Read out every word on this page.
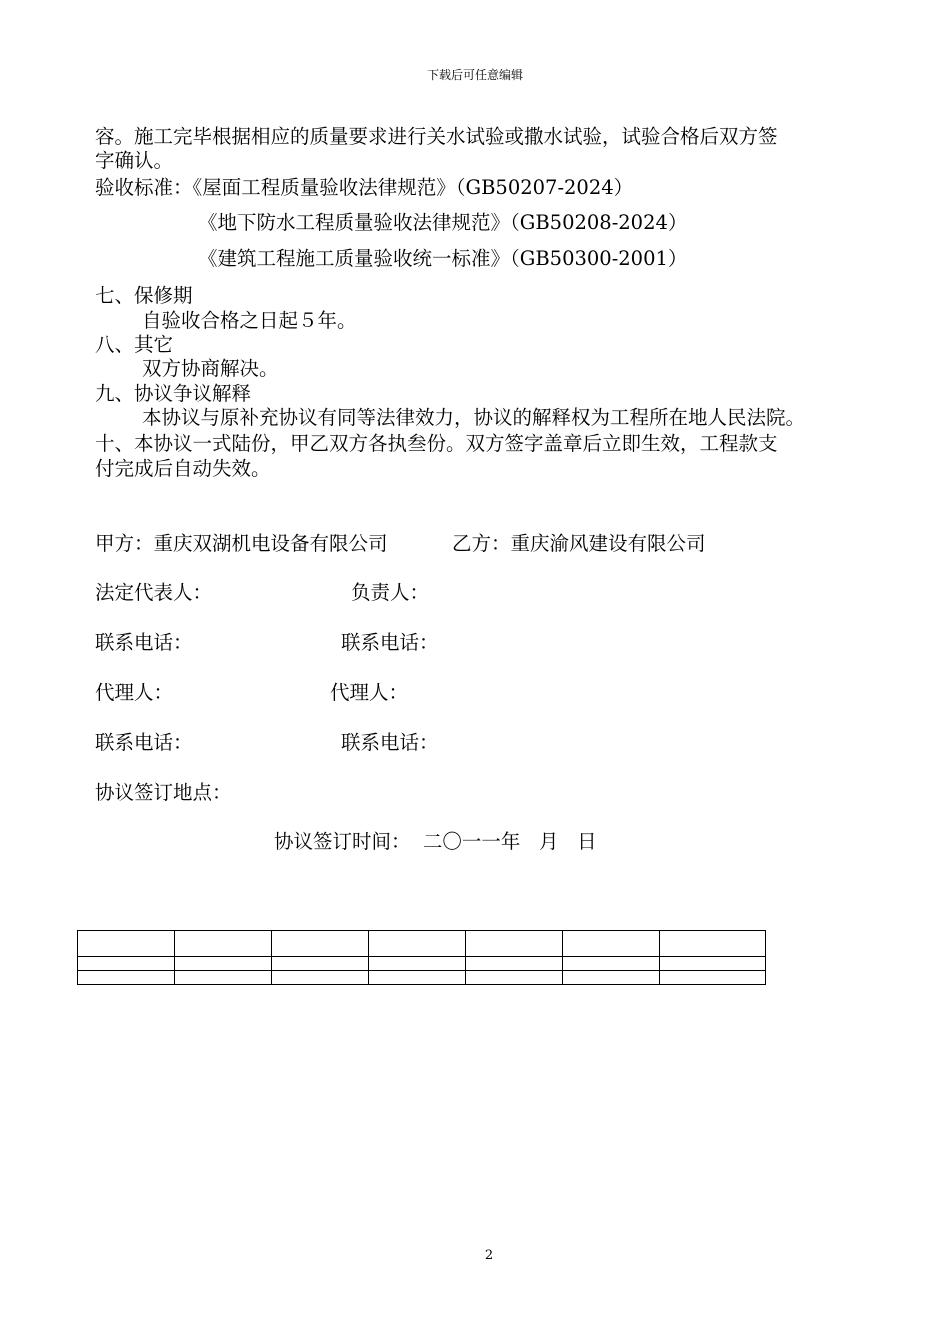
下载后可任意编辑
容。施工完毕根据相应的质量要求进行关水试验或撒水试验，试验合格后双方签
字确认。
验收标准：《屋面工程质量验收法律规范》（GB50207-2024）
《地下防水工程质量验收法律规范》（GB50208-2024）
《建筑工程施工质量验收统一标准》（GB50300-2001）
七、保修期
自验收合格之日起５年。
八、其它
双方协商解决。
九、协议争议解释
本协议与原补充协议有同等法律效力，协议的解释权为工程所在地人民法院。
十、本协议一式陆份，甲乙双方各执叁份。双方签字盖章后立即生效，工程款支
付完成后自动失效。
甲方：重庆双湖机电设备有限公司	乙方：重庆渝风建设有限公司
法定代表人：	负责人：
联系电话：	联系电话：
代理人：	代理人：
联系电话：	联系电话：
协议签订地点：
协议签订时间：  二〇一一年   月   日

2
